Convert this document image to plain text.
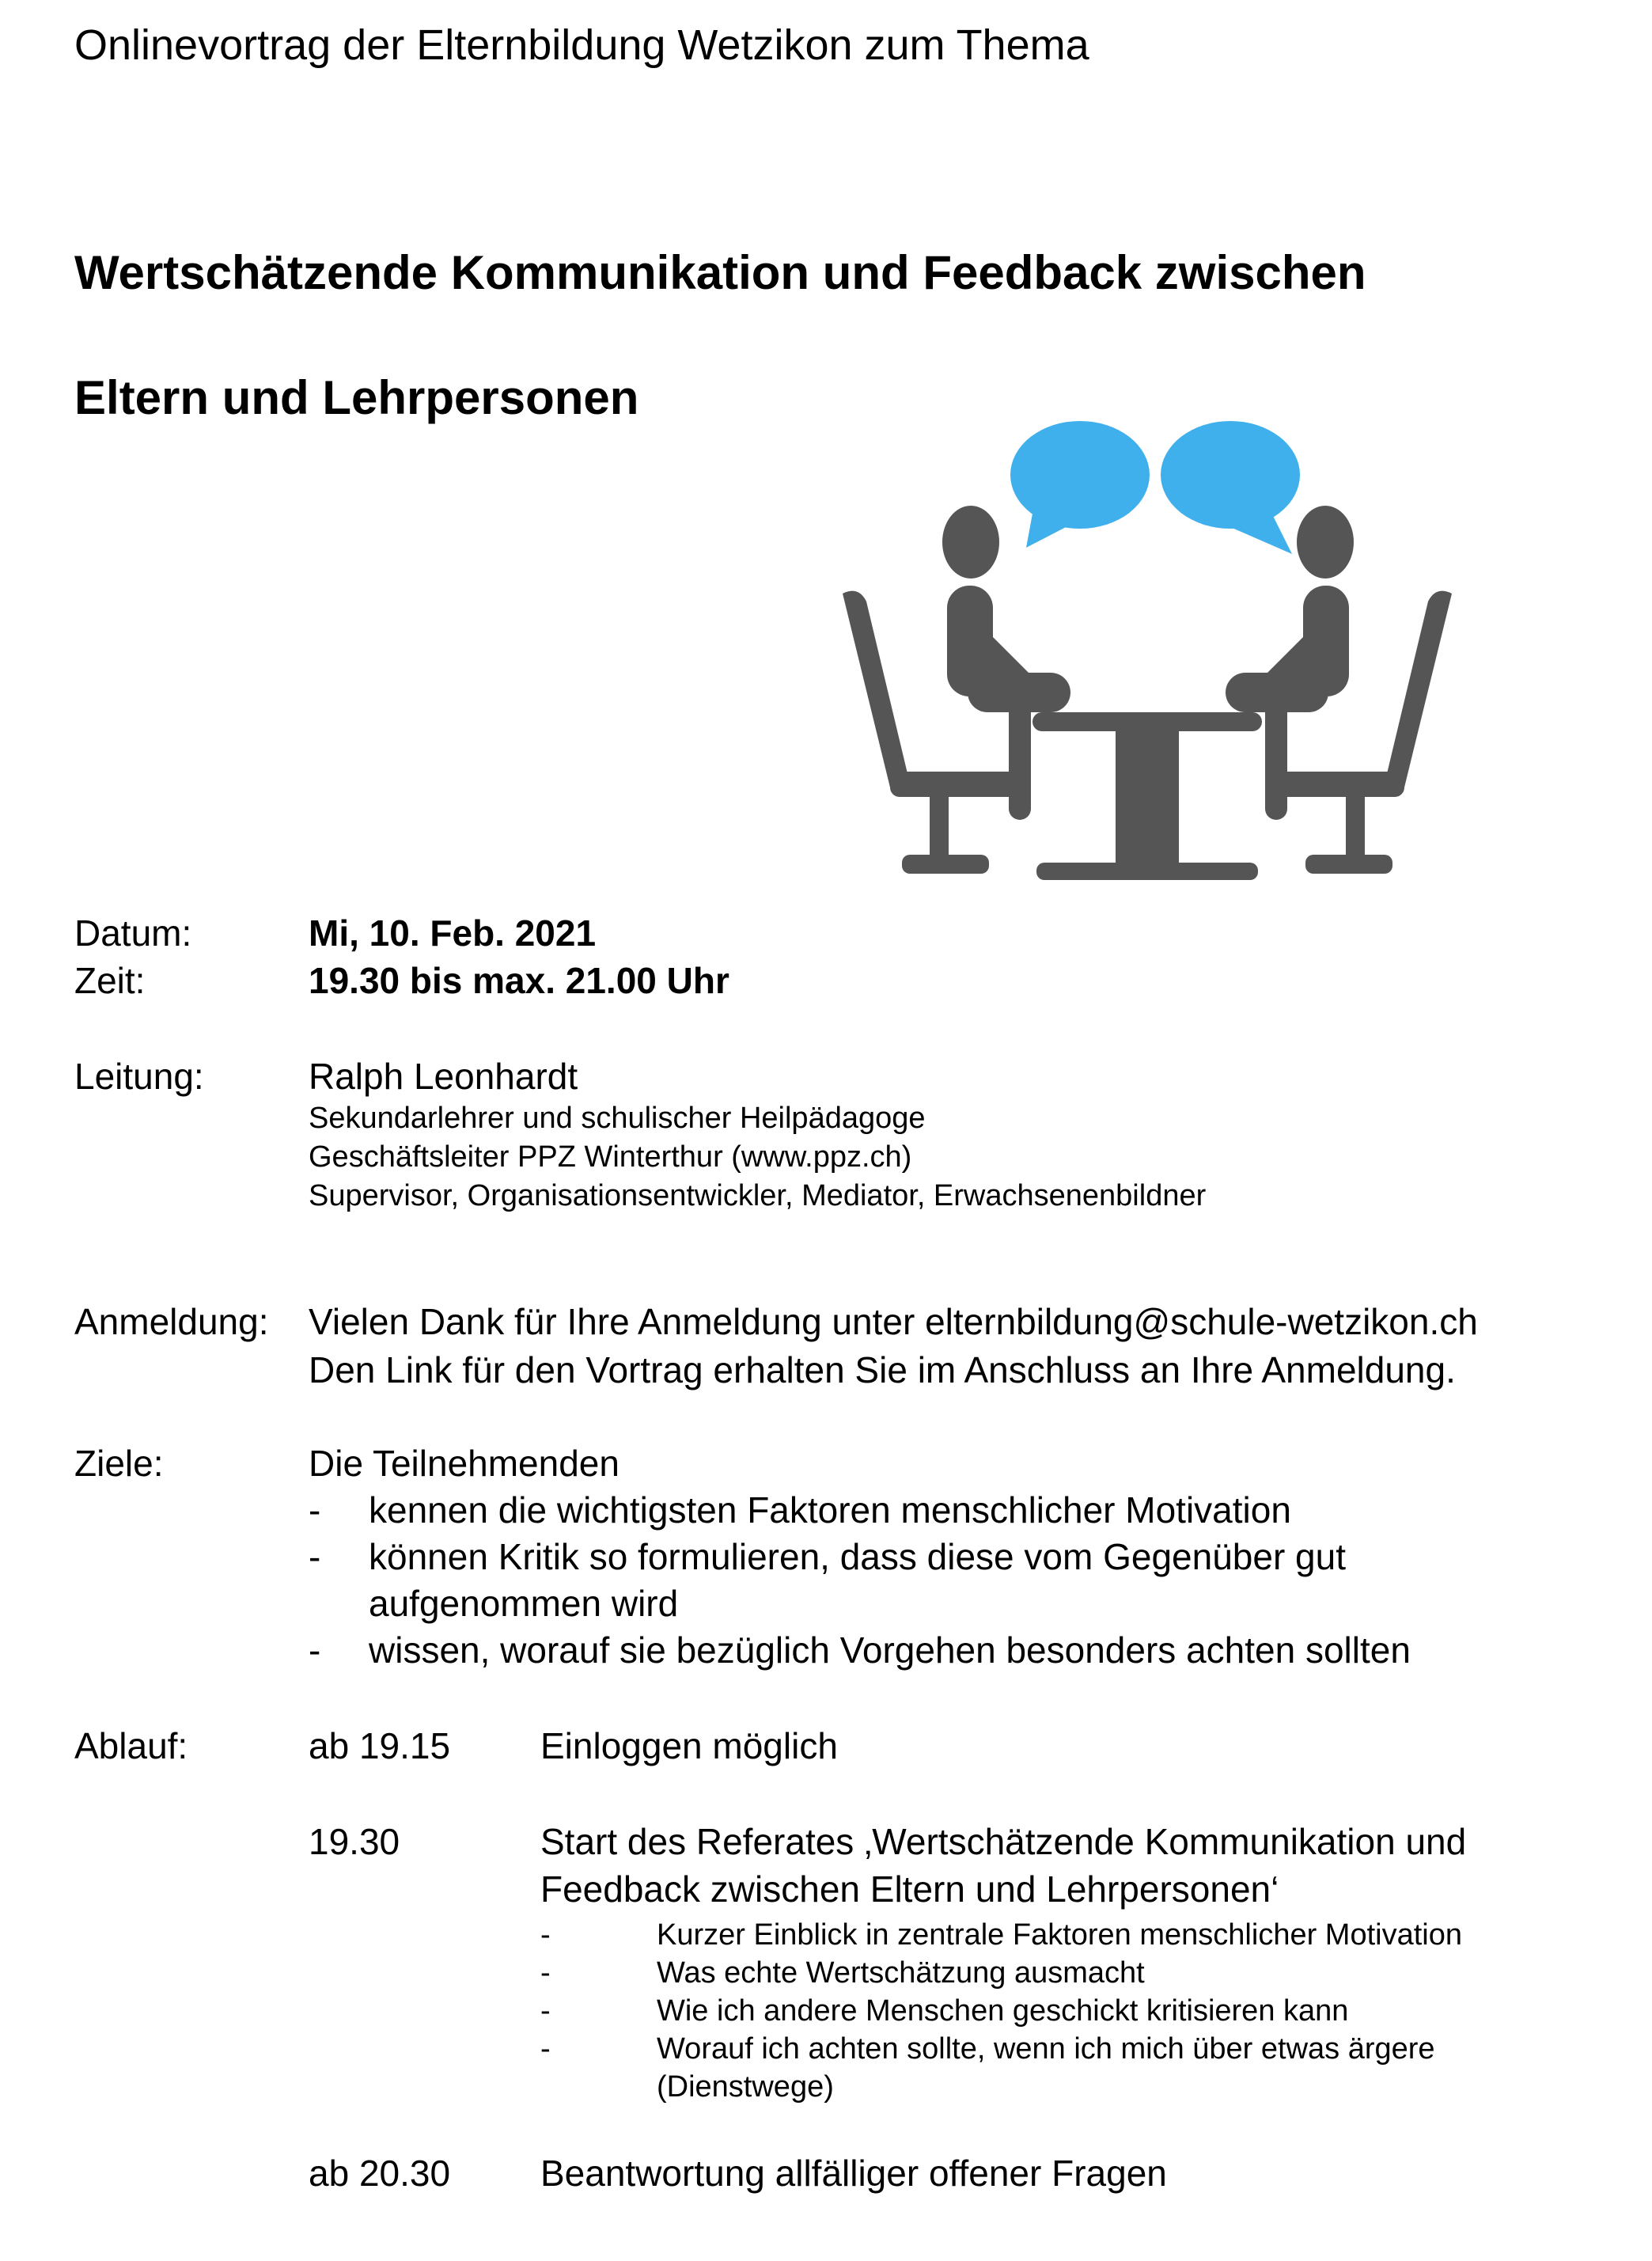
Onlinevortrag der Elternbildung Wetzikon zum Thema
Wertschätzende Kommunikation und Feedback zwischen
Eltern und Lehrpersonen
Datum:	Mi, 10. Feb. 2021
Zeit:	19.30 bis max. 21.00 Uhr
Leitung:	Ralph Leonhardt
Sekundarlehrer und schulischer Heilpädagoge
Geschäftsleiter PPZ Winterthur (www.ppz.ch)
Supervisor, Organisationsentwickler, Mediator, Erwachsenenbildner
Anmeldung: Vielen Dank für Ihre Anmeldung unter elternbildung@schule-wetzikon.ch
Den Link für den Vortrag erhalten Sie im Anschluss an Ihre Anmeldung.
Ziele:	Die Teilnehmenden
- kennen die wichtigsten Faktoren menschlicher Motivation
- können Kritik so formulieren, dass diese vom Gegenüber gut
aufgenommen wird
- wissen, worauf sie bezüglich Vorgehen besonders achten sollten
Ablauf:	ab 19.15 Einloggen möglich
19.30	Start des Referates ‚Wertschätzende Kommunikation und
Feedback zwischen Eltern und Lehrpersonen‘
-	Kurzer Einblick in zentrale Faktoren menschlicher Motivation
-	Was echte Wertschätzung ausmacht
-	Wie ich andere Menschen geschickt kritisieren kann
-	Worauf ich achten sollte, wenn ich mich über etwas ärgere
(Dienstwege)
ab 20.30 Beantwortung allfälliger offener Fragen
